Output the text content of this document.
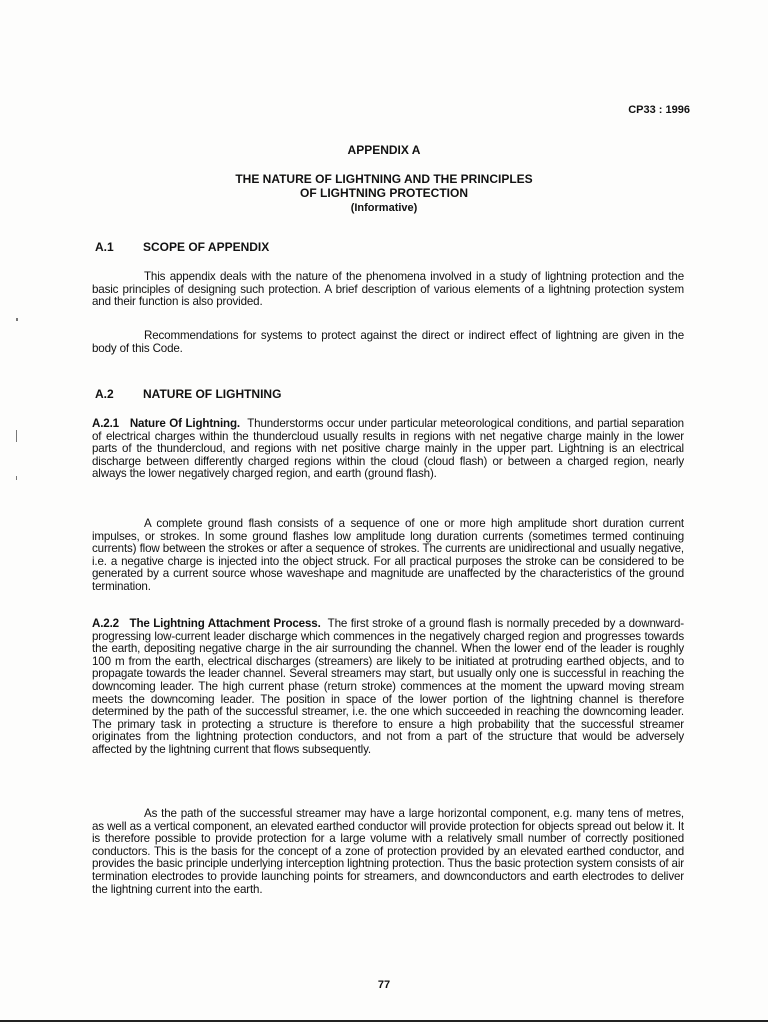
CP33 : 1996
APPENDIX A
THE NATURE OF LIGHTNING AND THE PRINCIPLES
OF LIGHTNING PROTECTION
(Informative)
A.1 SCOPE OF APPENDIX
This appendix deals with the nature of the phenomena involved in a study of lightning protection and the basic principles of designing such protection. A brief description of various elements of a lightning protection system and their function is also provided.
Recommendations for systems to protect against the direct or indirect effect of lightning are given in the body of this Code.
A.2 NATURE OF LIGHTNING
A.2.1 Nature Of Lightning. Thunderstorms occur under particular meteorological conditions, and partial separation of electrical charges within the thundercloud usually results in regions with net negative charge mainly in the lower parts of the thundercloud, and regions with net positive charge mainly in the upper part. Lightning is an electrical discharge between differently charged regions within the cloud (cloud flash) or between a charged region, nearly always the lower negatively charged region, and earth (ground flash).
A complete ground flash consists of a sequence of one or more high amplitude short duration current impulses, or strokes. In some ground flashes low amplitude long duration currents (sometimes termed continuing currents) flow between the strokes or after a sequence of strokes. The currents are unidirectional and usually negative, i.e. a negative charge is injected into the object struck. For all practical purposes the stroke can be considered to be generated by a current source whose waveshape and magnitude are unaffected by the characteristics of the ground termination.
A.2.2 The Lightning Attachment Process. The first stroke of a ground flash is normally preceded by a downward-progressing low-current leader discharge which commences in the negatively charged region and progresses towards the earth, depositing negative charge in the air surrounding the channel. When the lower end of the leader is roughly 100 m from the earth, electrical discharges (streamers) are likely to be initiated at protruding earthed objects, and to propagate towards the leader channel. Several streamers may start, but usually only one is successful in reaching the downcoming leader. The high current phase (return stroke) commences at the moment the upward moving stream meets the downcoming leader. The position in space of the lower portion of the lightning channel is therefore determined by the path of the successful streamer, i.e. the one which succeeded in reaching the downcoming leader. The primary task in protecting a structure is therefore to ensure a high probability that the successful streamer originates from the lightning protection conductors, and not from a part of the structure that would be adversely affected by the lightning current that flows subsequently.
As the path of the successful streamer may have a large horizontal component, e.g. many tens of metres, as well as a vertical component, an elevated earthed conductor will provide protection for objects spread out below it. It is therefore possible to provide protection for a large volume with a relatively small number of correctly positioned conductors. This is the basis for the concept of a zone of protection provided by an elevated earthed conductor, and provides the basic principle underlying interception lightning protection. Thus the basic protection system consists of air termination electrodes to provide launching points for streamers, and downconductors and earth electrodes to deliver the lightning current into the earth.
77
